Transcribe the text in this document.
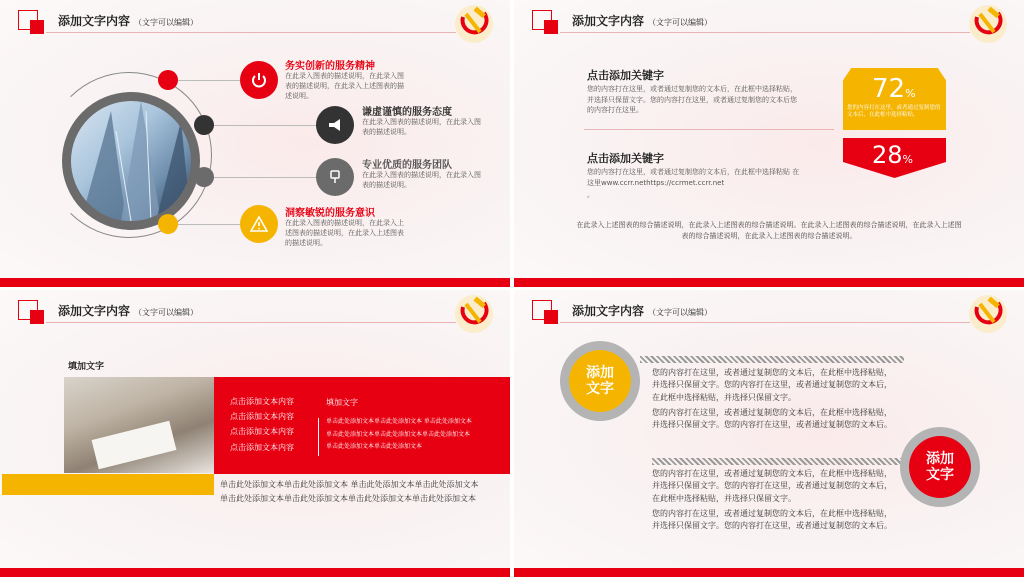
添加文字内容 （文字可以编辑）
务实创新的服务精神
在此录入图表的描述说明，在此录入图表的描述说明，在此录入上述图表的描述说明。
谦虚谨慎的服务态度
在此录入图表的描述说明，在此录入图表的描述说明。
专业优质的服务团队
在此录入图表的描述说明，在此录入图表的描述说明。
洞察敏锐的服务意识
在此录入图表的描述说明，在此录入上述图表的描述说明，在此录入上述图表的描述说明。
添加文字内容 （文字可以编辑）
点击添加关键字
您的内容打在这里，或者通过复制您的文本后，在此框中选择粘贴，并选择只保留文字。您的内容打在这里，或者通过复制您的文本后您的内容打在这里。
点击添加关键字
您的内容打在这里，或者通过复制您的文本后，在此框中选择粘贴 在这里www.ccrr.nethttps://ccrmet.ccrr.net
。
72%
您的内容打在这里，或者通过复制您的文本后，在此框中选择粘贴。
28%
在此录入上述图表的综合描述说明，在此录入上述图表的综合描述说明。在此录入上述图表的综合描述说明，在此录入上述图表的综合描述说明，在此录入上述图表的综合描述说明。
添加文字内容 （文字可以编辑）
填加文字
点击添加文本内容
点击添加文本内容
点击添加文本内容
点击添加文本内容
填加文字
单击此处添加文本单击此处添加文本 单击此处添加文本
单击此处添加文本单击此处添加文本单击此处添加文本
单击此处添加文本单击此处添加文本
单击此处添加文本单击此处添加文本 单击此处添加文本单击此处添加文本
单击此处添加文本单击此处添加文本单击此处添加文本单击此处添加文本
添加文字内容 （文字可以编辑）
添加
文字
您的内容打在这里，或者通过复制您的文本后，在此框中选择粘贴，并选择只保留文字。您的内容打在这里，或者通过复制您的文本后，在此框中选择粘贴，并选择只保留文字。
您的内容打在这里，或者通过复制您的文本后，在此框中选择粘贴，并选择只保留文字。您的内容打在这里，或者通过复制您的文本后。
添加
文字
您的内容打在这里，或者通过复制您的文本后，在此框中选择粘贴，并选择只保留文字。您的内容打在这里，或者通过复制您的文本后，在此框中选择粘贴，并选择只保留文字。
您的内容打在这里，或者通过复制您的文本后，在此框中选择粘贴，并选择只保留文字。您的内容打在这里，或者通过复制您的文本后。
